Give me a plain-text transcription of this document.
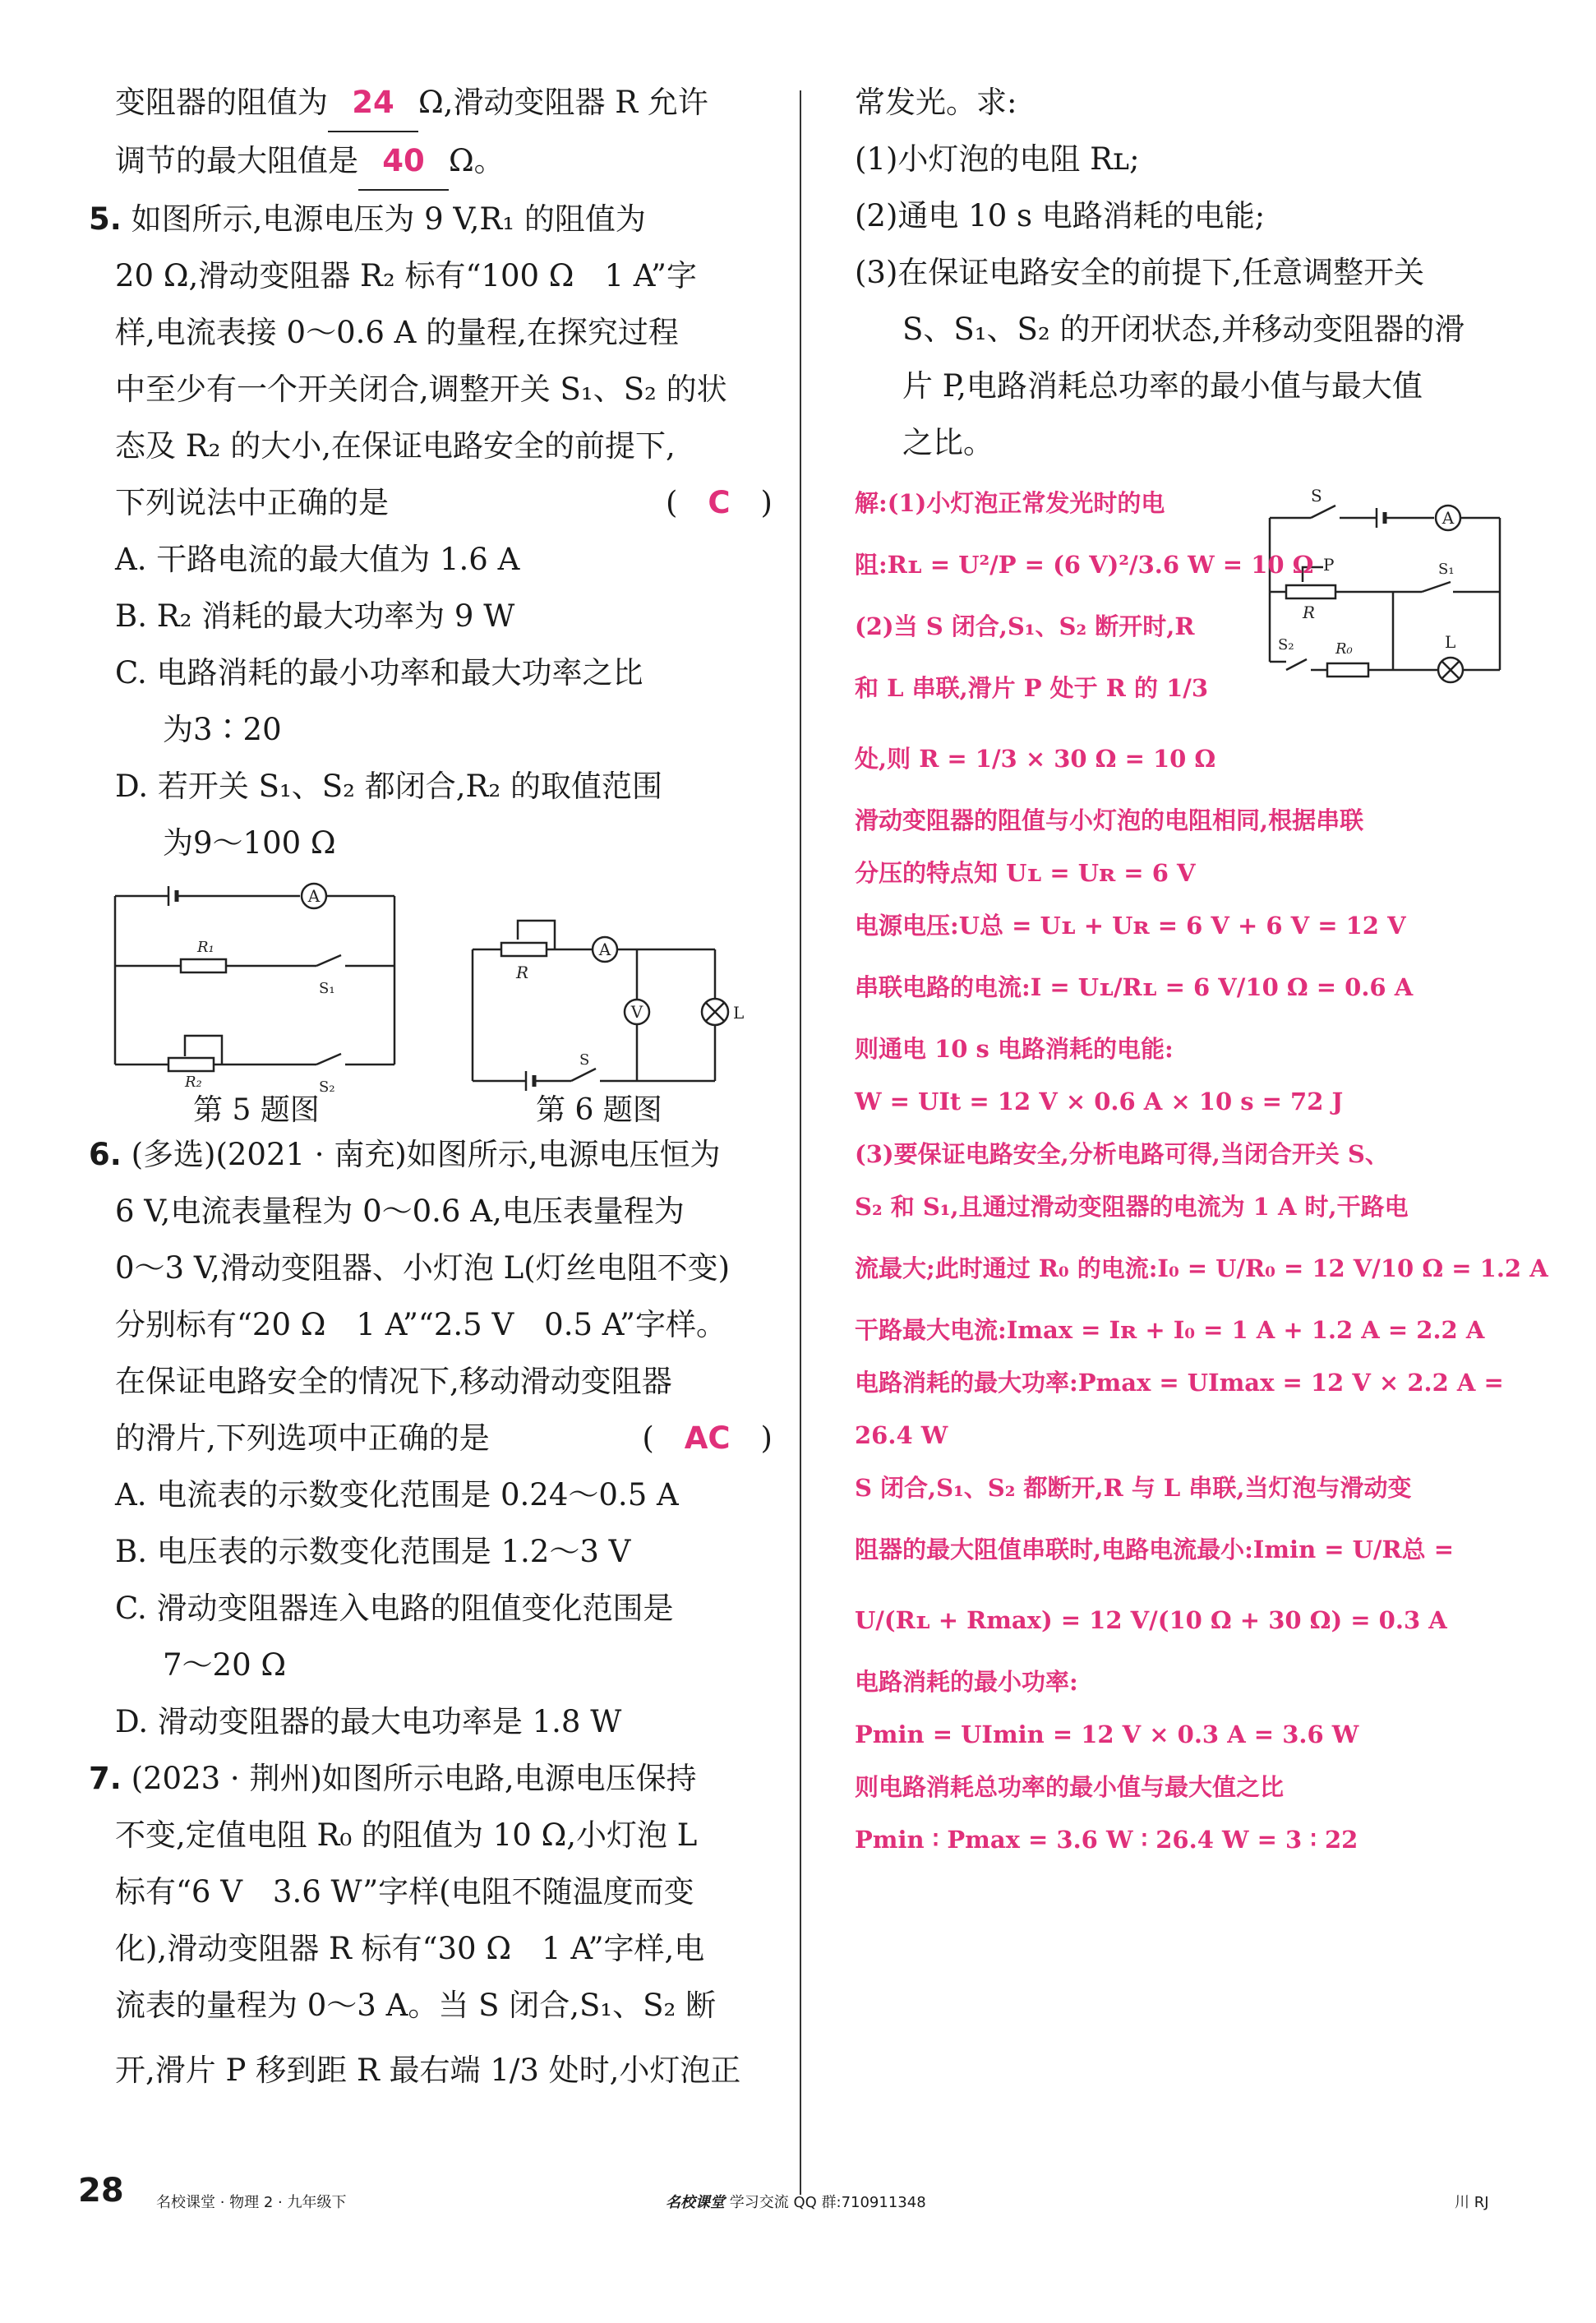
变阻器的阻值为 24 Ω,滑动变阻器 R 允许
调节的最大阻值是 40 Ω。
5. 如图所示,电源电压为 9 V,R₁ 的阻值为
20 Ω,滑动变阻器 R₂ 标有“100 Ω　1 A”字
样,电流表接 0～0.6 A 的量程,在探究过程
中至少有一个开关闭合,调整开关 S₁、S₂ 的状
态及 R₂ 的大小,在保证电路安全的前提下,
下列说法中正确的是	(　C　)
A. 干路电流的最大值为 1.6 A
B. R₂ 消耗的最大功率为 9 W
C. 电路消耗的最小功率和最大功率之比
为3∶20
D. 若开关 S₁、S₂ 都闭合,R₂ 的取值范围
为9～100 Ω
A
R₁
S₁
R₂	S₂
R
A
V	L
S
第 5 题图	第 6 题图
6. (多选)(2021 · 南充)如图所示,电源电压恒为
6 V,电流表量程为 0～0.6 A,电压表量程为
0～3 V,滑动变阻器、小灯泡 L(灯丝电阻不变)
分别标有“20 Ω　1 A”“2.5 V　0.5 A”字样。
在保证电路安全的情况下,移动滑动变阻器
的滑片,下列选项中正确的是	(　AC　)
A. 电流表的示数变化范围是 0.24～0.5 A
B. 电压表的示数变化范围是 1.2～3 V
C. 滑动变阻器连入电路的阻值变化范围是
7～20 Ω
D. 滑动变阻器的最大电功率是 1.8 W
7. (2023 · 荆州)如图所示电路,电源电压保持
不变,定值电阻 R₀ 的阻值为 10 Ω,小灯泡 L
标有“6 V　3.6 W”字样(电阻不随温度而变
化),滑动变阻器 R 标有“30 Ω　1 A”字样,电
流表的量程为 0～3 A。当 S 闭合,S₁、S₂ 断
开,滑片 P 移到距 R 最右端 1/3 处时,小灯泡正
常发光。求:
(1)小灯泡的电阻 Rʟ;
(2)通电 10 s 电路消耗的电能;
(3)在保证电路安全的前提下,任意调整开关
S、S₁、S₂ 的开闭状态,并移动变阻器的滑
片 P,电路消耗总功率的最小值与最大值
之比。
S
A
P
R
S₁
S₂	R₀	L
解:(1)小灯泡正常发光时的电
阻:Rʟ = U²/P = (6 V)²/3.6 W = 10 Ω
(2)当 S 闭合,S₁、S₂ 断开时,R
和 L 串联,滑片 P 处于 R 的 1/3
处,则 R = 1/3 × 30 Ω = 10 Ω
滑动变阻器的阻值与小灯泡的电阻相同,根据串联
分压的特点知 Uʟ = Uʀ = 6 V
电源电压:U总 = Uʟ + Uʀ = 6 V + 6 V = 12 V
串联电路的电流:I = Uʟ/Rʟ = 6 V/10 Ω = 0.6 A
则通电 10 s 电路消耗的电能:
W = UIt = 12 V × 0.6 A × 10 s = 72 J
(3)要保证电路安全,分析电路可得,当闭合开关 S、
S₂ 和 S₁,且通过滑动变阻器的电流为 1 A 时,干路电
流最大;此时通过 R₀ 的电流:I₀ = U/R₀ = 12 V/10 Ω = 1.2 A
干路最大电流:Imax = Iʀ + I₀ = 1 A + 1.2 A = 2.2 A
电路消耗的最大功率:Pmax = UImax = 12 V × 2.2 A =
26.4 W
S 闭合,S₁、S₂ 都断开,R 与 L 串联,当灯泡与滑动变
阻器的最大阻值串联时,电路电流最小:Imin = U/R总 =
U/(Rʟ + Rmax) = 12 V/(10 Ω + 30 Ω) = 0.3 A
电路消耗的最小功率:
Pmin = UImin = 12 V × 0.3 A = 3.6 W
则电路消耗总功率的最小值与最大值之比
Pmin ∶ Pmax = 3.6 W ∶ 26.4 W = 3 ∶ 22
28 名校课堂 · 物理 2 · 九年级下	名校课堂 学习交流 QQ 群:710911348	川 RJ
